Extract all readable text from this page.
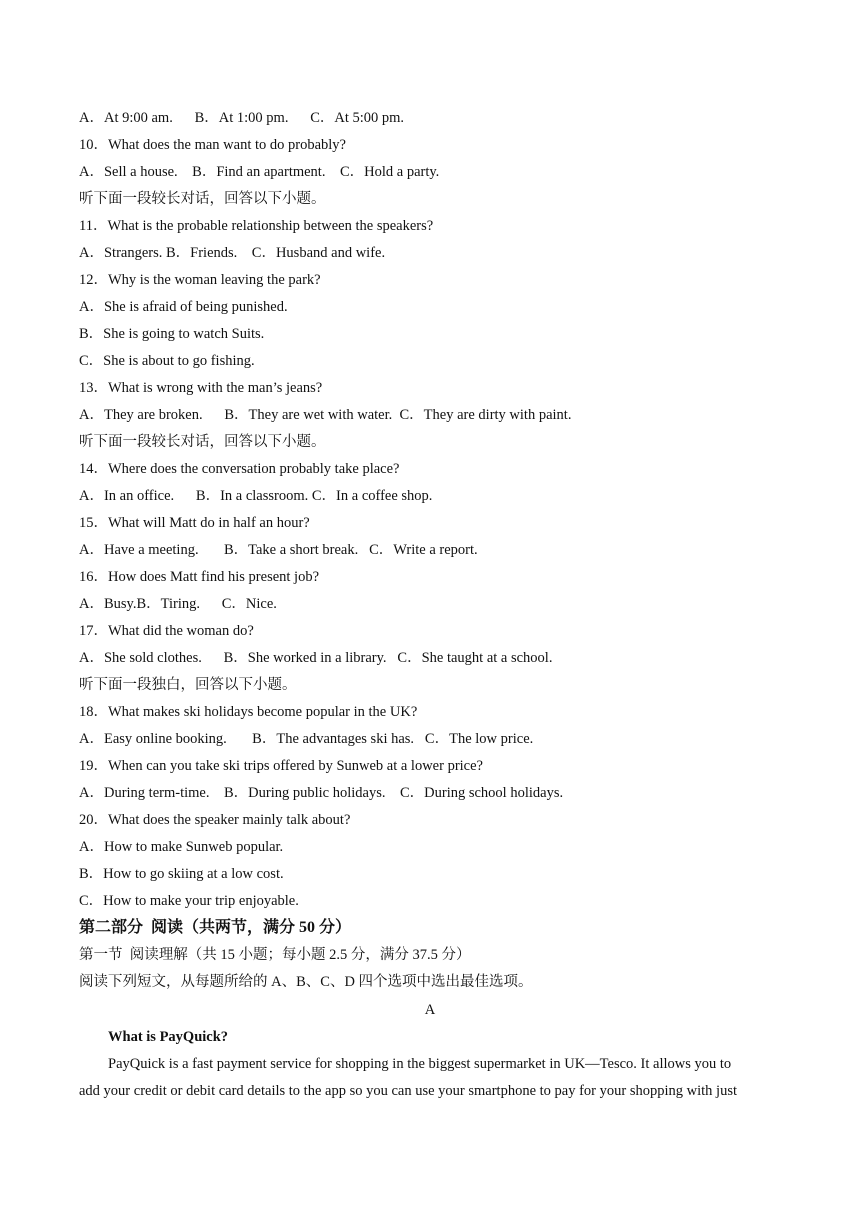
A．At 9:00 am.      B．At 1:00 pm.      C．At 5:00 pm.
10．What does the man want to do probably?
A．Sell a house.    B．Find an apartment.    C．Hold a party.
听下面一段较长对话，回答以下小题。
11．What is the probable relationship between the speakers?
A．Strangers. B．Friends.    C．Husband and wife.
12．Why is the woman leaving the park?
A．She is afraid of being punished.
B．She is going to watch Suits.
C．She is about to go fishing.
13．What is wrong with the man’s jeans?
A．They are broken.      B．They are wet with water.  C．They are dirty with paint.
听下面一段较长对话，回答以下小题。
14．Where does the conversation probably take place?
A．In an office.      B．In a classroom. C．In a coffee shop.
15．What will Matt do in half an hour?
A．Have a meeting.       B．Take a short break.   C．Write a report.
16．How does Matt find his present job?
A．Busy.B．Tiring.      C．Nice.
17．What did the woman do?
A．She sold clothes.      B．She worked in a library.   C．She taught at a school.
听下面一段独白，回答以下小题。
18．What makes ski holidays become popular in the UK?
A．Easy online booking.       B．The advantages ski has.   C．The low price.
19．When can you take ski trips offered by Sunweb at a lower price?
A．During term-time.    B．During public holidays.    C．During school holidays.
20．What does the speaker mainly talk about?
A．How to make Sunweb popular.
B．How to go skiing at a low cost.
C．How to make your trip enjoyable.
第二部分  阅读（共两节，满分 50 分）
第一节  阅读理解（共 15 小题；每小题 2.5 分，满分 37.5 分）
阅读下列短文，从每题所给的 A、B、C、D 四个选项中选出最佳选项。
A
What is PayQuick?
PayQuick is a fast payment service for shopping in the biggest supermarket in UK—Tesco. It allows you to
add your credit or debit card details to the app so you can use your smartphone to pay for your shopping with just
